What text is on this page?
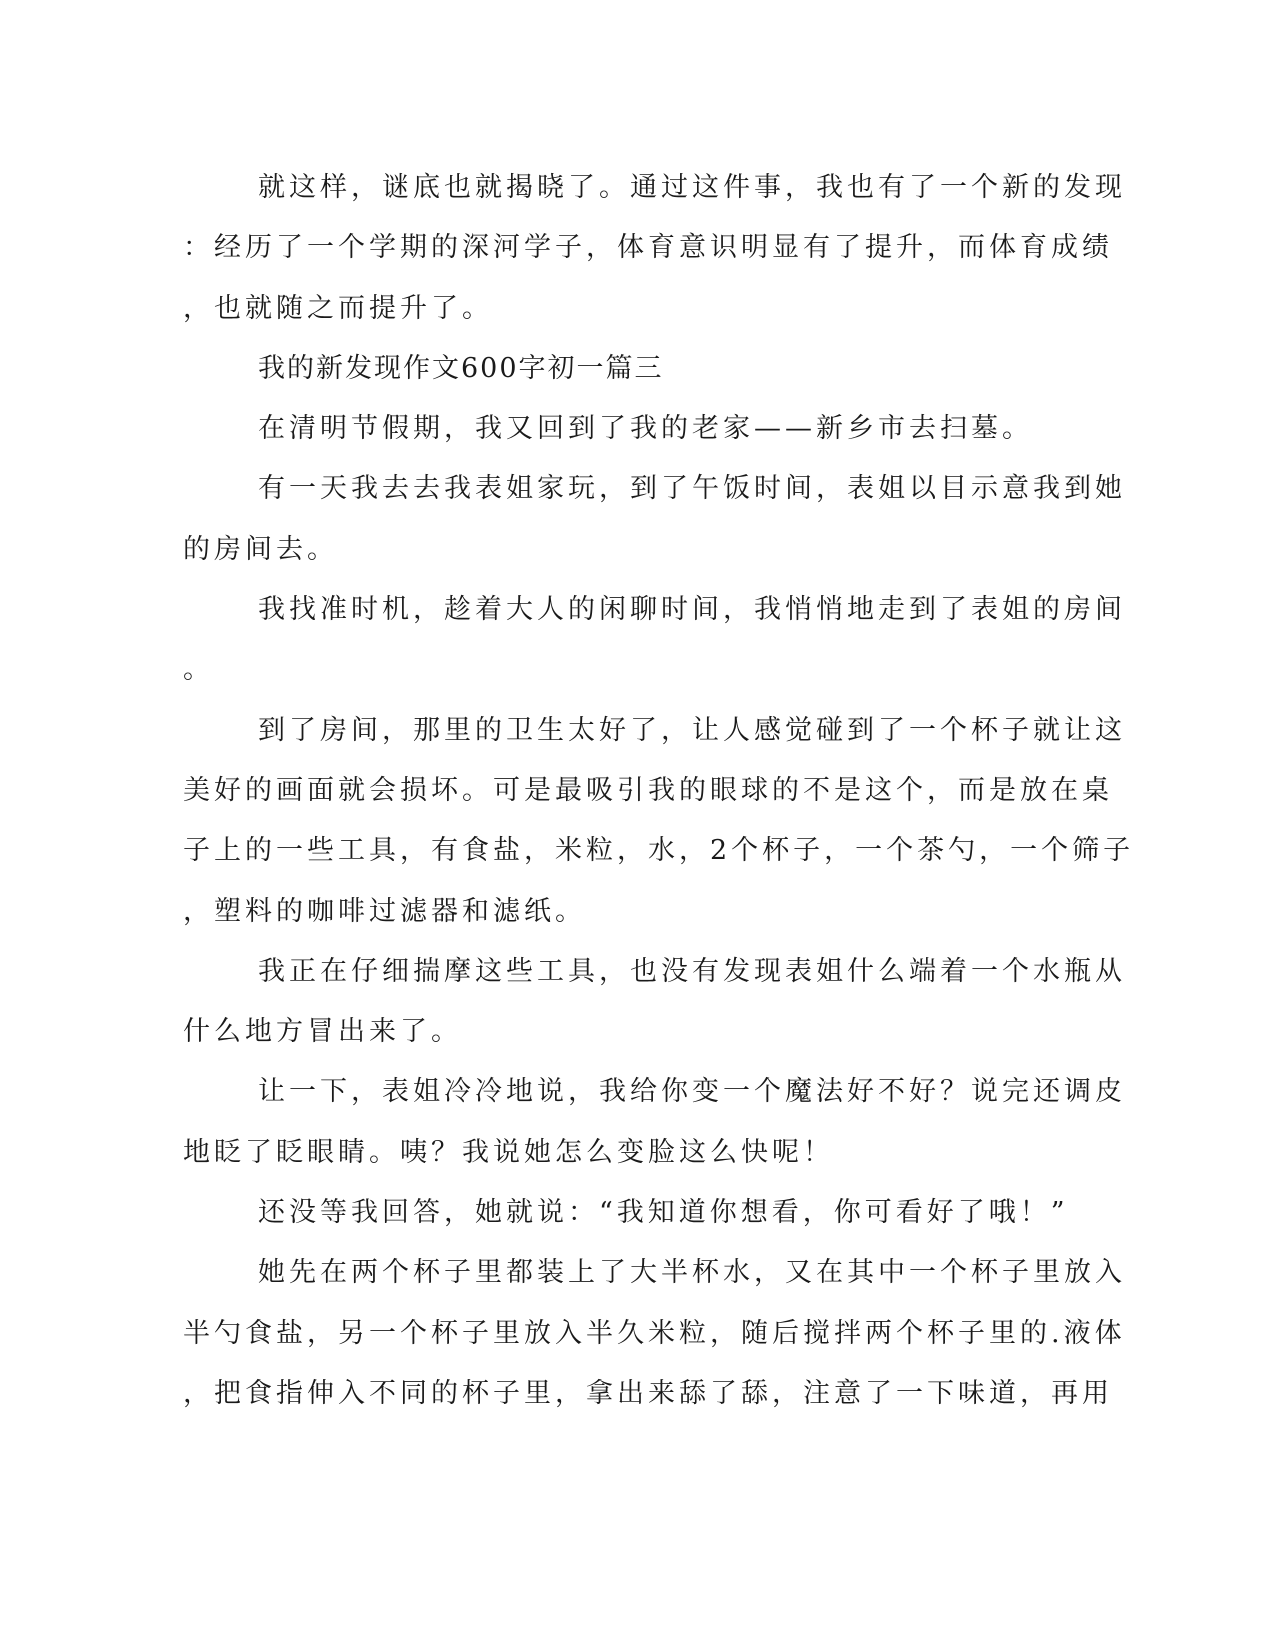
就这样，谜底也就揭晓了。通过这件事，我也有了一个新的发现
：经历了一个学期的深河学子，体育意识明显有了提升，而体育成绩
，也就随之而提升了。
我的新发现作文600字初一篇三
在清明节假期，我又回到了我的老家——新乡市去扫墓。
有一天我去去我表姐家玩，到了午饭时间，表姐以目示意我到她
的房间去。
我找准时机，趁着大人的闲聊时间，我悄悄地走到了表姐的房间
。
到了房间，那里的卫生太好了，让人感觉碰到了一个杯子就让这
美好的画面就会损坏。可是最吸引我的眼球的不是这个，而是放在桌
子上的一些工具，有食盐，米粒，水，2个杯子，一个茶勺，一个筛子
，塑料的咖啡过滤器和滤纸。
我正在仔细揣摩这些工具，也没有发现表姐什么端着一个水瓶从
什么地方冒出来了。
让一下，表姐冷冷地说，我给你变一个魔法好不好？说完还调皮
地眨了眨眼睛。咦？我说她怎么变脸这么快呢！
还没等我回答，她就说：“我知道你想看，你可看好了哦！”
她先在两个杯子里都装上了大半杯水，又在其中一个杯子里放入
半勺食盐，另一个杯子里放入半久米粒，随后搅拌两个杯子里的.液体
，把食指伸入不同的杯子里，拿出来舔了舔，注意了一下味道，再用
